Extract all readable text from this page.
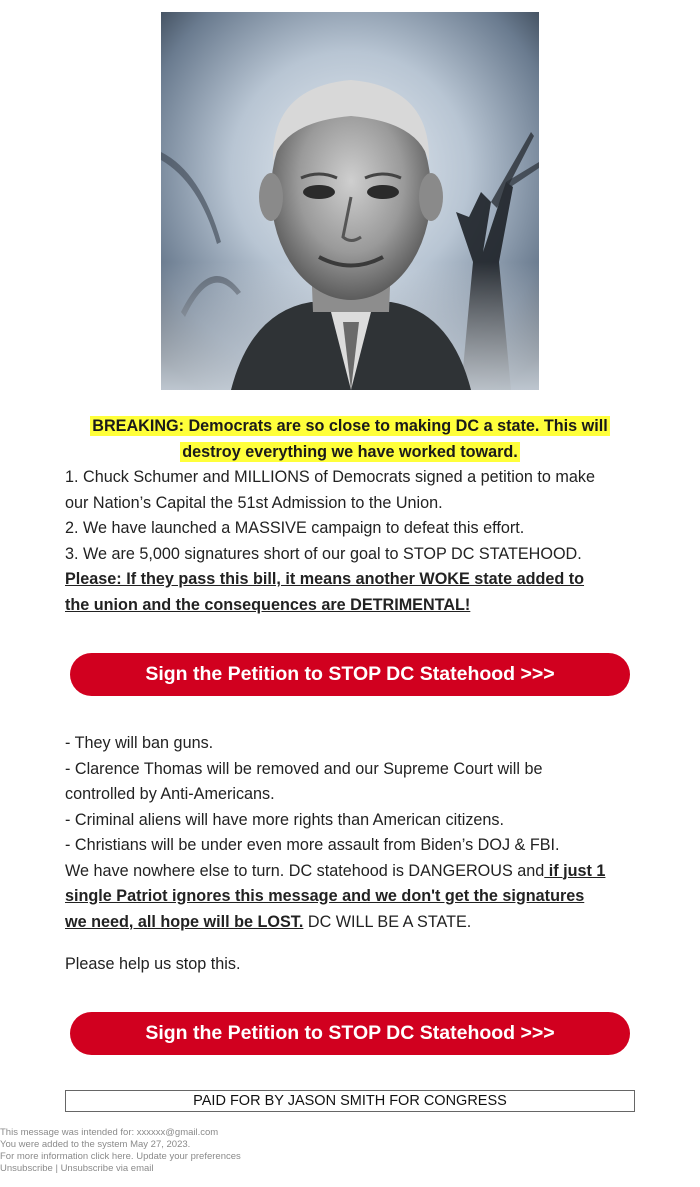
BREAKING: Democrats are so close to making DC a state. This will
destroy everything we have worked toward.
1. Chuck Schumer and MILLIONS of Democrats signed a petition to make
our Nation’s Capital the 51st Admission to the Union.
2. We have launched a MASSIVE campaign to defeat this effort.
3. We are 5,000 signatures short of our goal to STOP DC STATEHOOD.
Please: If they pass this bill, it means another WOKE state added to
the union and the consequences are DETRIMENTAL!
Sign the Petition to STOP DC Statehood >>>
- They will ban guns.
- Clarence Thomas will be removed and our Supreme Court will be
controlled by Anti-Americans.
- Criminal aliens will have more rights than American citizens.
- Christians will be under even more assault from Biden’s DOJ & FBI.
We have nowhere else to turn. DC statehood is DANGEROUS and if just 1
single Patriot ignores this message and we don't get the signatures
we need, all hope will be LOST. DC WILL BE A STATE.
Please help us stop this.
Sign the Petition to STOP DC Statehood >>>
PAID FOR BY JASON SMITH FOR CONGRESS
This message was intended for: xxxxxx@gmail.com
You were added to the system May 27, 2023.
For more information click here. Update your preferences
Unsubscribe | Unsubscribe via email
